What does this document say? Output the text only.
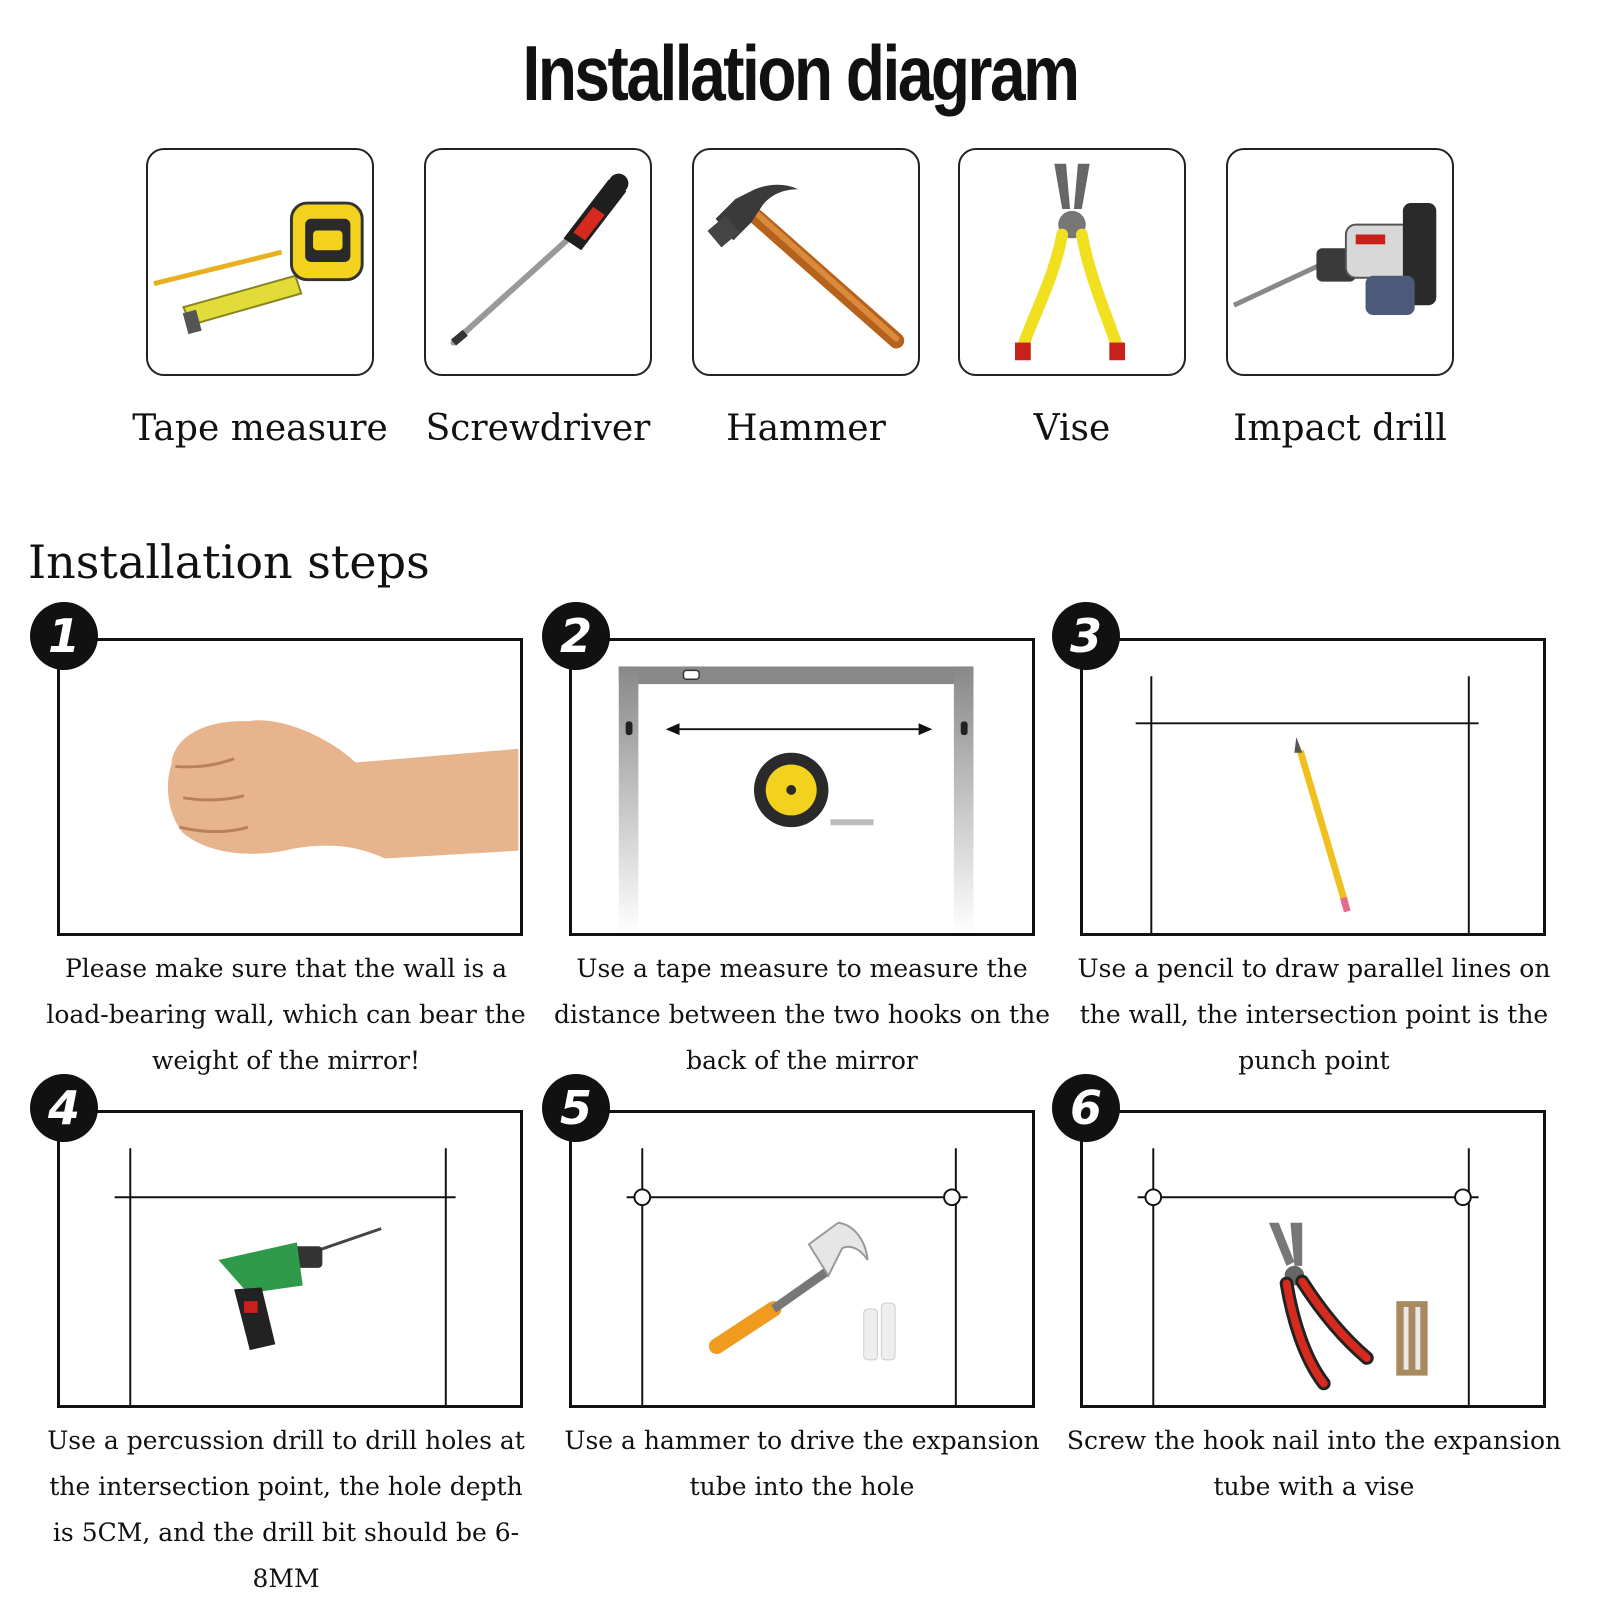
Installation diagram
Tape measure	Screwdriver	Hammer	Vise	Impact drill
Installation steps
1
Please make sure that the wall is a load-bearing wall, which can bear the weight of the mirror!
2
Use a tape measure to measure the distance between the two hooks on the back of the mirror
3
Use a pencil to draw parallel lines on the wall, the intersection point is the punch point
4
Use a percussion drill to drill holes at the intersection point, the hole depth is 5CM, and the drill bit should be 6-8MM
5
Use a hammer to drive the expansion tube into the hole
6
Screw the hook nail into the expansion tube with a vise
